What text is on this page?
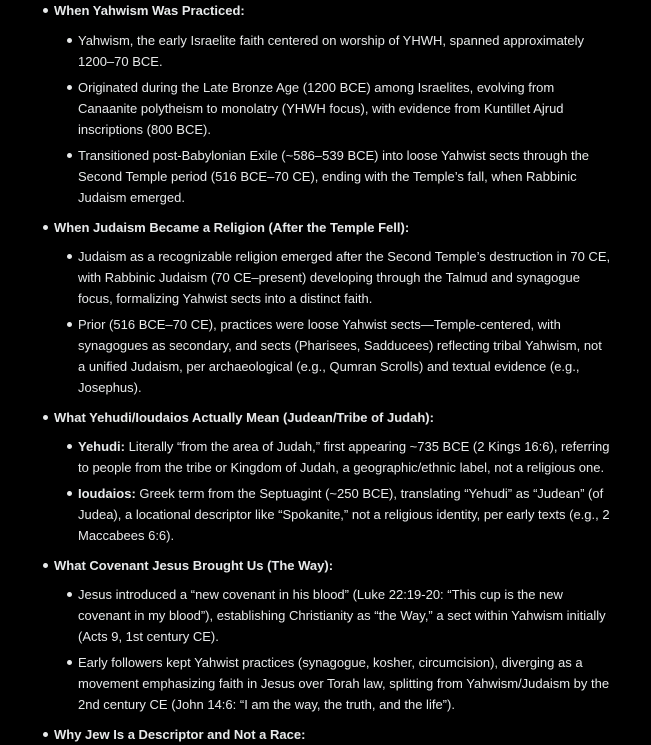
When Yahwism Was Practiced:
Yahwism, the early Israelite faith centered on worship of YHWH, spanned approximately 1200–70 BCE.
Originated during the Late Bronze Age (1200 BCE) among Israelites, evolving from Canaanite polytheism to monolatry (YHWH focus), with evidence from Kuntillet Ajrud inscriptions (800 BCE).
Transitioned post-Babylonian Exile (~586–539 BCE) into loose Yahwist sects through the Second Temple period (516 BCE–70 CE), ending with the Temple’s fall, when Rabbinic Judaism emerged.
When Judaism Became a Religion (After the Temple Fell):
Judaism as a recognizable religion emerged after the Second Temple’s destruction in 70 CE, with Rabbinic Judaism (70 CE–present) developing through the Talmud and synagogue focus, formalizing Yahwist sects into a distinct faith.
Prior (516 BCE–70 CE), practices were loose Yahwist sects—Temple-centered, with synagogues as secondary, and sects (Pharisees, Sadducees) reflecting tribal Yahwism, not a unified Judaism, per archaeological (e.g., Qumran Scrolls) and textual evidence (e.g., Josephus).
What Yehudi/Ioudaios Actually Mean (Judean/Tribe of Judah):
Yehudi: Literally “from the area of Judah,” first appearing ~735 BCE (2 Kings 16:6), referring to people from the tribe or Kingdom of Judah, a geographic/ethnic label, not a religious one.
Ioudaios: Greek term from the Septuagint (~250 BCE), translating “Yehudi” as “Judean” (of Judea), a locational descriptor like “Spokanite,” not a religious identity, per early texts (e.g., 2 Maccabees 6:6).
What Covenant Jesus Brought Us (The Way):
Jesus introduced a “new covenant in his blood” (Luke 22:19-20: “This cup is the new covenant in my blood”), establishing Christianity as “the Way,” a sect within Yahwism initially (Acts 9, 1st century CE).
Early followers kept Yahwist practices (synagogue, kosher, circumcision), diverging as a movement emphasizing faith in Jesus over Torah law, splitting from Yahwism/Judaism by the 2nd century CE (John 14:6: “I am the way, the truth, and the life”).
Why Jew Is a Descriptor and Not a Race:
